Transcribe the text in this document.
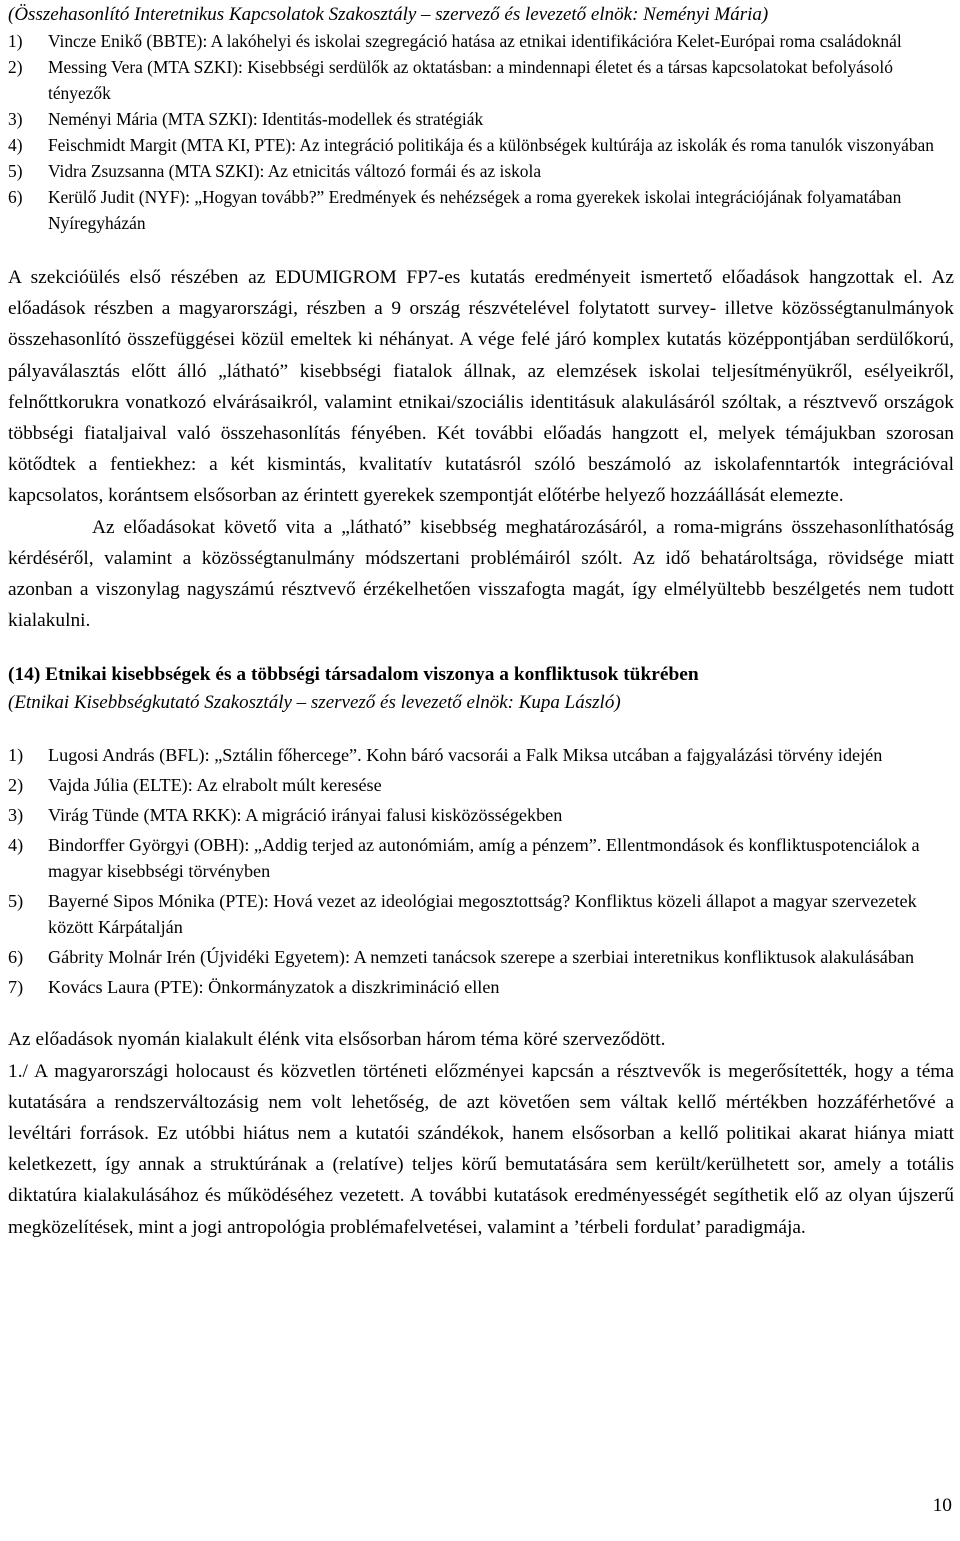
(Összehasonlító Interetnikus Kapcsolatok Szakosztály – szervező és levezető elnök: Neményi Mária)

1)	Vincze Enikő (BBTE): A lakóhelyi és iskolai szegregáció hatása az etnikai identifikációra Kelet-Európai roma családoknál
2)	Messing Vera (MTA SZKI): Kisebbségi serdülők az oktatásban: a mindennapi életet és a társas kapcsolatokat befolyásoló tényezők
3)	Neményi Mária (MTA SZKI): Identitás-modellek és stratégiák
4)	Feischmidt Margit (MTA KI, PTE): Az integráció politikája és a különbségek kultúrája az iskolák és roma tanulók viszonyában
5)	Vidra Zsuzsanna (MTA SZKI): Az etnicitás változó formái és az iskola
6)	Kerülő Judit (NYF): „Hogyan tovább?” Eredmények és nehézségek a roma gyerekek iskolai integrációjának folyamatában Nyíregyházán

A szekcióülés első részében az EDUMIGROM FP7-es kutatás eredményeit ismertető előadások hangzottak el. Az előadások részben a magyarországi, részben a 9 ország részvételével folytatott survey- illetve közösségtanulmányok összehasonlító összefüggései közül emeltek ki néhányat. A vége felé járó komplex kutatás középpontjában serdülőkorú, pályaválasztás előtt álló „látható” kisebbségi fiatalok állnak, az elemzések iskolai teljesítményükről, esélyeikről, felnőttkorukra vonatkozó elvárásaikról, valamint etnikai/szociális identitásuk alakulásáról szóltak, a résztvevő országok többségi fiataljaival való összehasonlítás fényében. Két további előadás hangzott el, melyek témájukban szorosan kötődtek a fentiekhez: a két kismintás, kvalitatív kutatásról szóló beszámoló az iskolafenntartók integrációval kapcsolatos, korántsem elsősorban az érintett gyerekek szempontját előtérbe helyező hozzáállását elemezte.

Az előadásokat követő vita a „látható” kisebbség meghatározásáról, a roma-migráns összehasonlíthatóság kérdéséről, valamint a közösségtanulmány módszertani problémáiról szólt. Az idő behatároltsága, rövidsége miatt azonban a viszonylag nagyszámú résztvevő érzékelhetően visszafogta magát, így elmélyültebb beszélgetés nem tudott kialakulni.

(14) Etnikai kisebbségek és a többségi társadalom viszonya a konfliktusok tükrében

(Etnikai Kisebbségkutató Szakosztály – szervező és levezető elnök: Kupa László)

1)	Lugosi András (BFL): „Sztálin főhercege”. Kohn báró vacsorái a Falk Miksa utcában a fajgyalázási törvény idején
2)	Vajda Júlia (ELTE): Az elrabolt múlt keresése
3)	Virág Tünde (MTA RKK): A migráció irányai falusi kisközösségekben
4)	Bindorffer Györgyi (OBH): „Addig terjed az autonómiám, amíg a pénzem”. Ellentmondások és konfliktuspotenciálok a magyar kisebbségi törvényben
5)	Bayerné Sipos Mónika (PTE): Hová vezet az ideológiai megosztottság? Konfliktus közeli állapot a magyar szervezetek között Kárpátalján
6)	Gábrity Molnár Irén (Újvidéki Egyetem): A nemzeti tanácsok szerepe a szerbiai interetnikus konfliktusok alakulásában
7)	Kovács Laura (PTE): Önkormányzatok a diszkrimináció ellen

Az előadások nyomán kialakult élénk vita elsősorban három téma köré szerveződött.

1./ A magyarországi holocaust és közvetlen történeti előzményei kapcsán a résztvevők is megerősítették, hogy a téma kutatására a rendszerváltozásig nem volt lehetőség, de azt követően sem váltak kellő mértékben hozzáférhetővé a levéltári források. Ez utóbbi hiátus nem a kutatói szándékok, hanem elsősorban a kellő politikai akarat hiánya miatt keletkezett, így annak a struktúrának a (relatíve) teljes körű bemutatására sem került/kerülhetett sor, amely a totális diktatúra kialakulásához és működéséhez vezetett. A további kutatások eredményességét segíthetik elő az olyan újszerű megközelítések, mint a jogi antropológia problémafelvetései, valamint a ’térbeli fordulat’ paradigmája.

10
